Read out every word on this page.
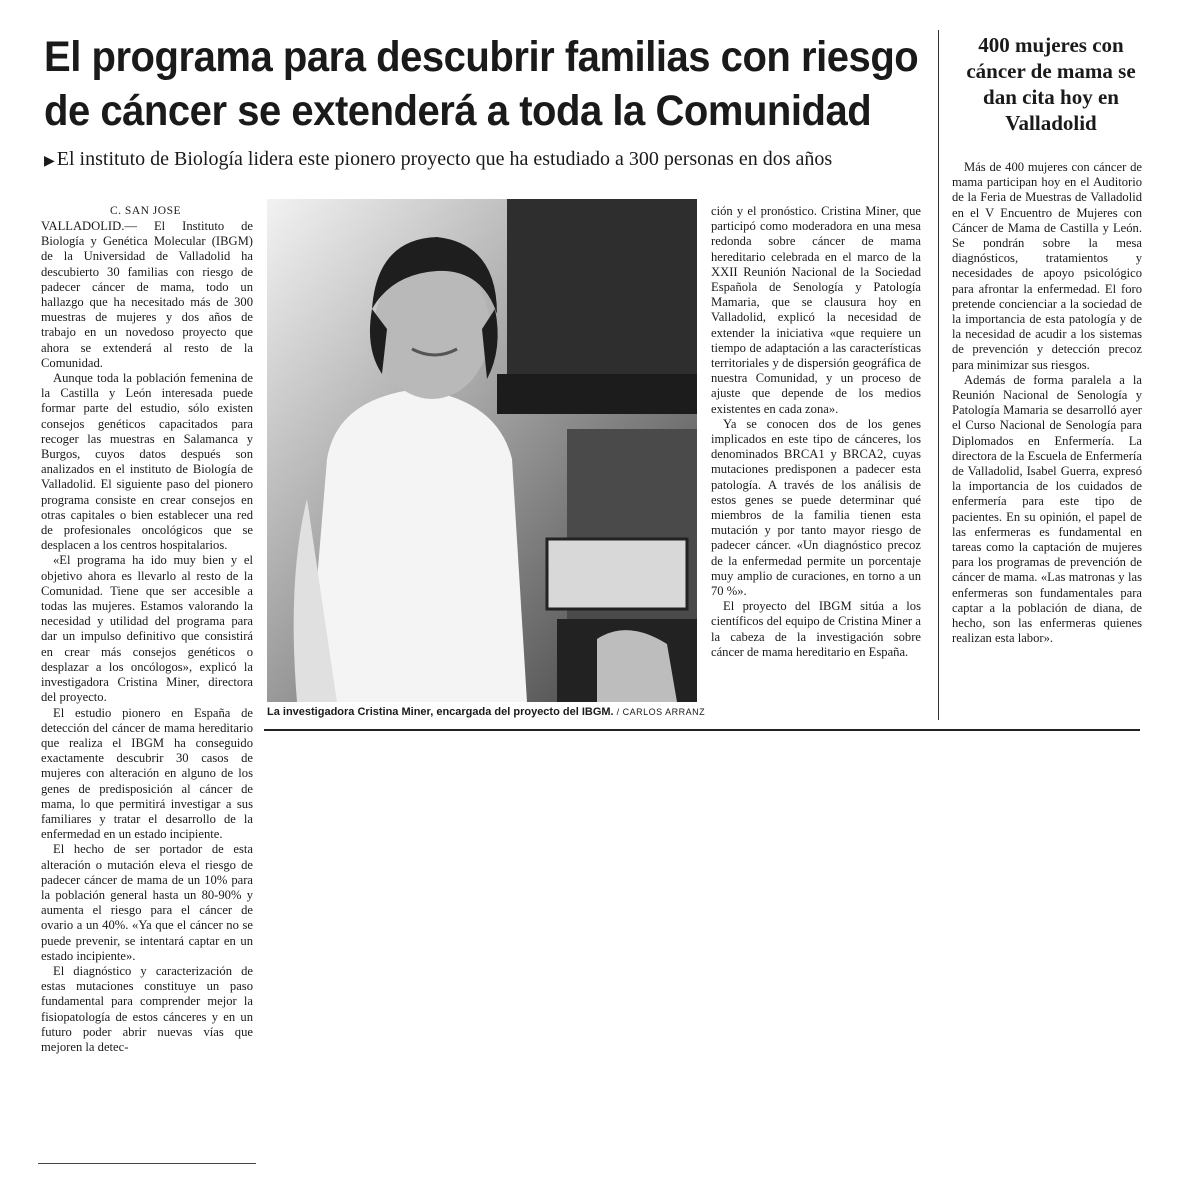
El programa para descubrir familias con riesgo
de cáncer se extenderá a toda la Comunidad
▶ El instituto de Biología lidera este pionero proyecto que ha estudiado a 300 personas en dos años
400 mujeres con cáncer de mama se dan cita hoy en Valladolid
C. SAN JOSE

VALLADOLID.— El Instituto de Biología y Genética Molecular (IBGM) de la Universidad de Valladolid ha descubierto 30 familias con riesgo de padecer cáncer de mama, todo un hallazgo que ha necesitado más de 300 muestras de mujeres y dos años de trabajo en un novedoso proyecto que ahora se extenderá al resto de la Comunidad.

Aunque toda la población femenina de la Castilla y León interesada puede formar parte del estudio, sólo existen consejos genéticos capacitados para recoger las muestras en Salamanca y Burgos, cuyos datos después son analizados en el instituto de Biología de Valladolid. El siguiente paso del pionero programa consiste en crear consejos en otras capitales o bien establecer una red de profesionales oncológicos que se desplacen a los centros hospitalarios.

«El programa ha ido muy bien y el objetivo ahora es llevarlo al resto de la Comunidad. Tiene que ser accesible a todas las mujeres. Estamos valorando la necesidad y utilidad del programa para dar un impulso definitivo que consistirá en crear más consejos genéticos o desplazar a los oncólogos», explicó la investigadora Cristina Miner, directora del proyecto.

El estudio pionero en España de detección del cáncer de mama hereditario que realiza el IBGM ha conseguido exactamente descubrir 30 casos de mujeres con alteración en alguno de los genes de predisposición al cáncer de mama, lo que permitirá investigar a sus familiares y tratar el desarrollo de la enfermedad en un estado incipiente.

El hecho de ser portador de esta alteración o mutación eleva el riesgo de padecer cáncer de mama de un 10% para la población general hasta un 80-90% y aumenta el riesgo para el cáncer de ovario a un 40%. «Ya que el cáncer no se puede prevenir, se intentará captar en un estado incipiente».

El diagnóstico y caracterización de estas mutaciones constituye un paso fundamental para comprender mejor la fisiopatología de estos cánceres y en un futuro poder abrir nuevas vías que mejoren la detec-

La investigadora Cristina Miner, encargada del proyecto del IBGM. / CARLOS ARRANZ

ción y el pronóstico. Cristina Miner, que participó como moderadora en una mesa redonda sobre cáncer de mama hereditario celebrada en el marco de la XXII Reunión Nacional de la Sociedad Española de Senología y Patología Mamaria, que se clausura hoy en Valladolid, explicó la necesidad de extender la iniciativa «que requiere un tiempo de adaptación a las características territoriales y de dispersión geográfica de nuestra Comunidad, y un proceso de ajuste que depende de los medios existentes en cada zona».

Ya se conocen dos de los genes implicados en este tipo de cánceres, los denominados BRCA1 y BRCA2, cuyas mutaciones predisponen a padecer esta patología. A través de los análisis de estos genes se puede determinar qué miembros de la familia tienen esta mutación y por tanto mayor riesgo de padecer cáncer. «Un diagnóstico precoz de la enfermedad permite un porcentaje muy amplio de curaciones, en torno a un 70 %».

El proyecto del IBGM sitúa a los científicos del equipo de Cristina Miner a la cabeza de la investigación sobre cáncer de mama hereditario en España.

Más de 400 mujeres con cáncer de mama participan hoy en el Auditorio de la Feria de Muestras de Valladolid en el V Encuentro de Mujeres con Cáncer de Mama de Castilla y León. Se pondrán sobre la mesa diagnósticos, tratamientos y necesidades de apoyo psicológico para afrontar la enfermedad. El foro pretende concienciar a la sociedad de la importancia de esta patología y de la necesidad de acudir a los sistemas de prevención y detección precoz para minimizar sus riesgos.

Además de forma paralela a la Reunión Nacional de Senología y Patología Mamaria se desarrolló ayer el Curso Nacional de Senología para Diplomados en Enfermería. La directora de la Escuela de Enfermería de Valladolid, Isabel Guerra, expresó la importancia de los cuidados de enfermería para este tipo de pacientes. En su opinión, el papel de las enfermeras es fundamental en tareas como la captación de mujeres para los programas de prevención de cáncer de mama. «Las matronas y las enfermeras son fundamentales para captar a la población de diana, de hecho, son las enfermeras quienes realizan esta labor».
